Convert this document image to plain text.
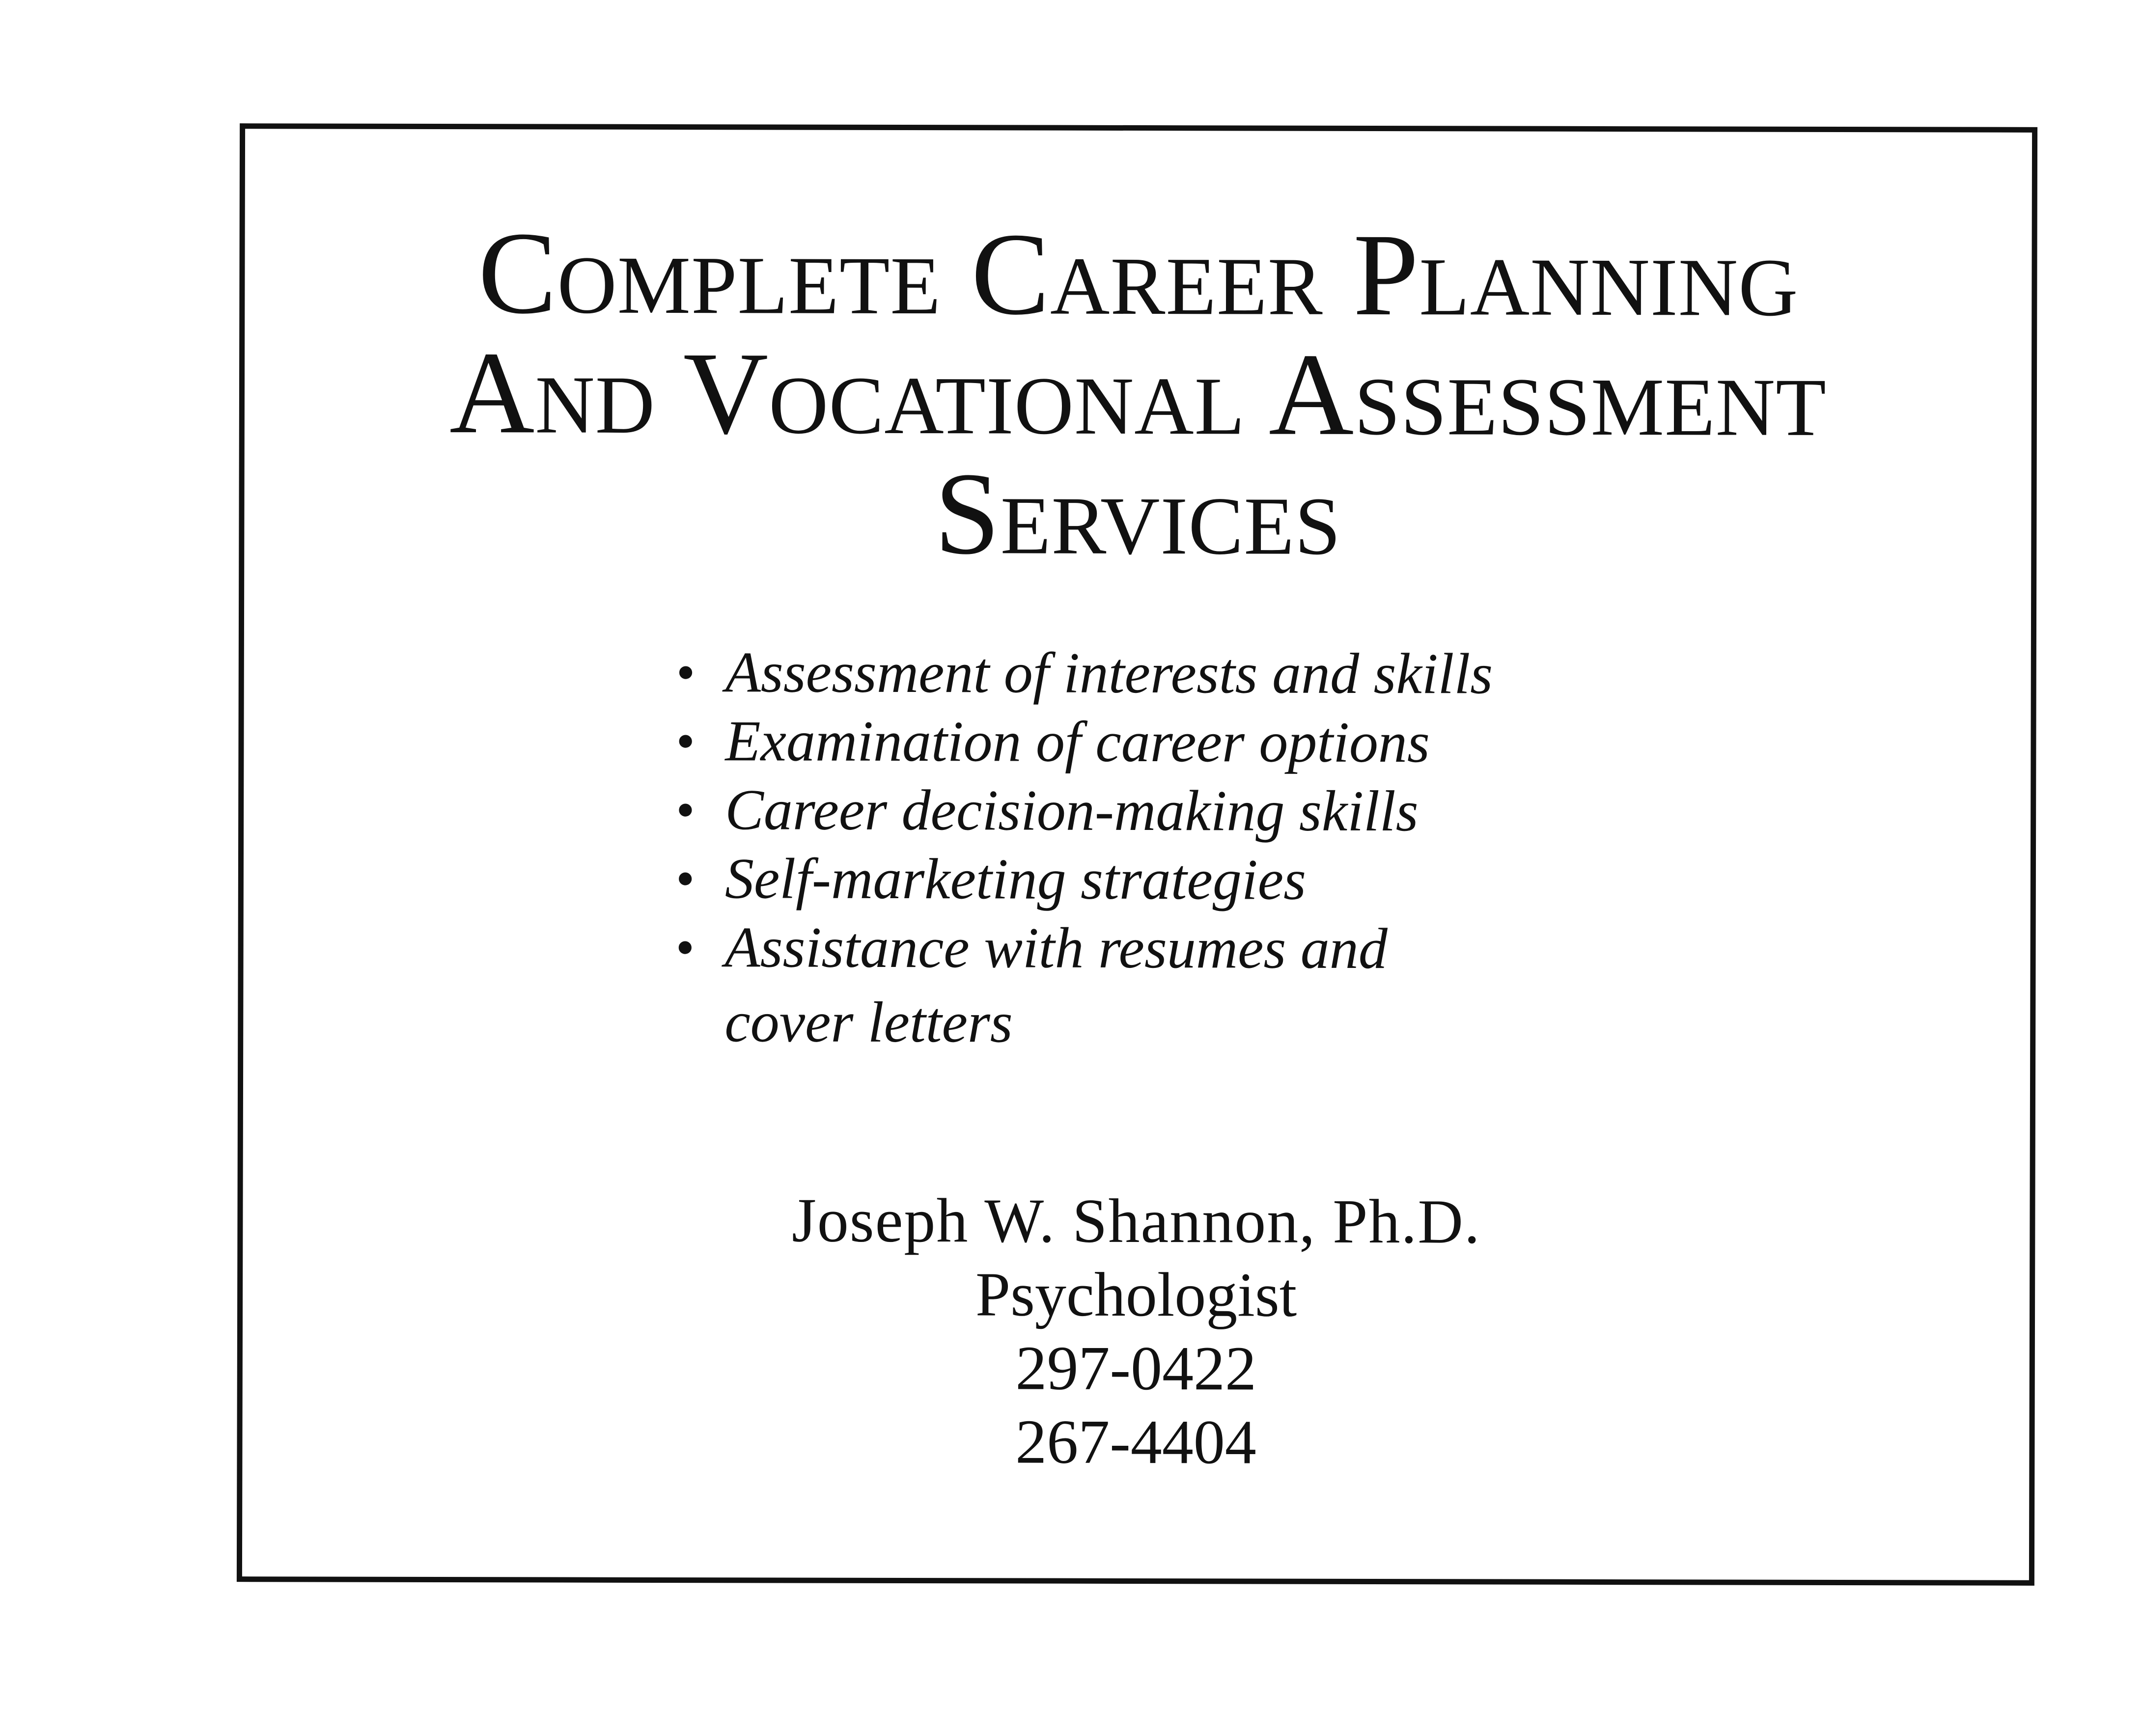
Complete Career Planning
And Vocational Assessment
Services
• Assessment of interests and skills
• Examination of career options
• Career decision-making skills
• Self-marketing strategies
• Assistance with resumes and
cover letters
Joseph W. Shannon, Ph.D.
Psychologist
297-0422
267-4404
